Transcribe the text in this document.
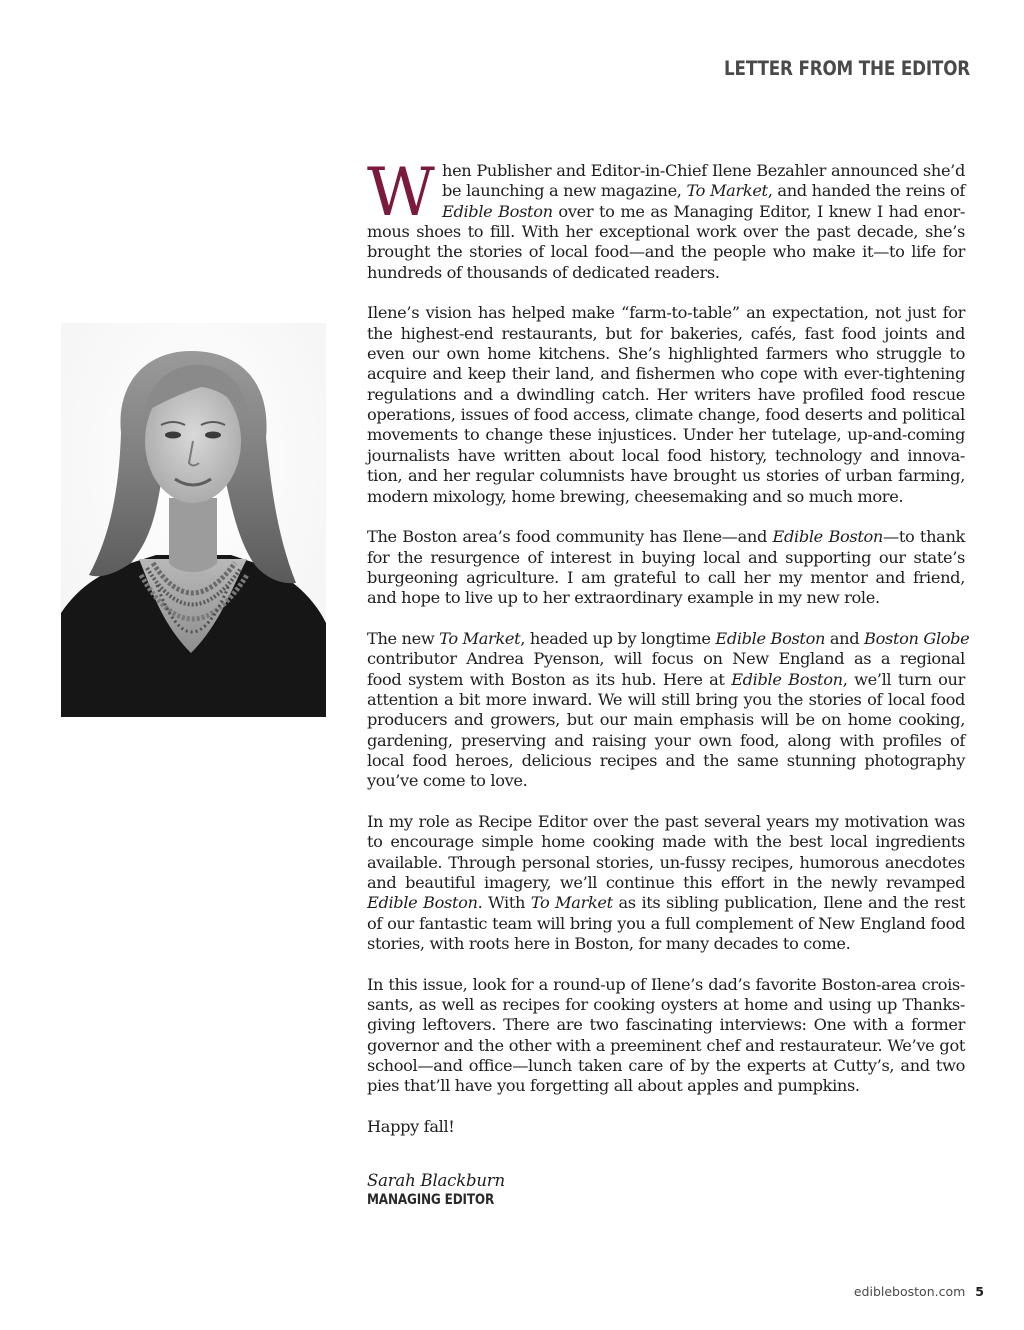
LETTER FROM THE EDITOR
W hen Publisher and Editor-in-Chief Ilene Bezahler announced she’d
be launching a new magazine, To Market, and handed the reins of
Edible Boston over to me as Managing Editor, I knew I had enor-
mous shoes to fill. With her exceptional work over the past decade, she’s
brought the stories of local food—and the people who make it—to life for
hundreds of thousands of dedicated readers.
Ilene’s vision has helped make “farm-to-table” an expectation, not just for
the highest-end restaurants, but for bakeries, cafés, fast food joints and
even our own home kitchens. She’s highlighted farmers who struggle to
acquire and keep their land, and fishermen who cope with ever-tightening
regulations and a dwindling catch. Her writers have profiled food rescue
operations, issues of food access, climate change, food deserts and political
movements to change these injustices. Under her tutelage, up-and-coming
journalists have written about local food history, technology and innova-
tion, and her regular columnists have brought us stories of urban farming,
modern mixology, home brewing, cheesemaking and so much more.
The Boston area’s food community has Ilene—and Edible Boston—to thank
for the resurgence of interest in buying local and supporting our state’s
burgeoning agriculture. I am grateful to call her my mentor and friend,
and hope to live up to her extraordinary example in my new role.
The new To Market, headed up by longtime Edible Boston and Boston Globe
contributor Andrea Pyenson, will focus on New England as a regional
food system with Boston as its hub. Here at Edible Boston, we’ll turn our
attention a bit more inward. We will still bring you the stories of local food
producers and growers, but our main emphasis will be on home cooking,
gardening, preserving and raising your own food, along with profiles of
local food heroes, delicious recipes and the same stunning photography
you’ve come to love.
In my role as Recipe Editor over the past several years my motivation was
to encourage simple home cooking made with the best local ingredients
available. Through personal stories, un-fussy recipes, humorous anecdotes
and beautiful imagery, we’ll continue this effort in the newly revamped
Edible Boston. With To Market as its sibling publication, Ilene and the rest
of our fantastic team will bring you a full complement of New England food
stories, with roots here in Boston, for many decades to come.
In this issue, look for a round-up of Ilene’s dad’s favorite Boston-area crois-
sants, as well as recipes for cooking oysters at home and using up Thanks-
giving leftovers. There are two fascinating interviews: One with a former
governor and the other with a preeminent chef and restaurateur. We’ve got
school—and office—lunch taken care of by the experts at Cutty’s, and two
pies that’ll have you forgetting all about apples and pumpkins.
Happy fall!
Sarah Blackburn
MANAGING EDITOR
edibleboston.com 5
